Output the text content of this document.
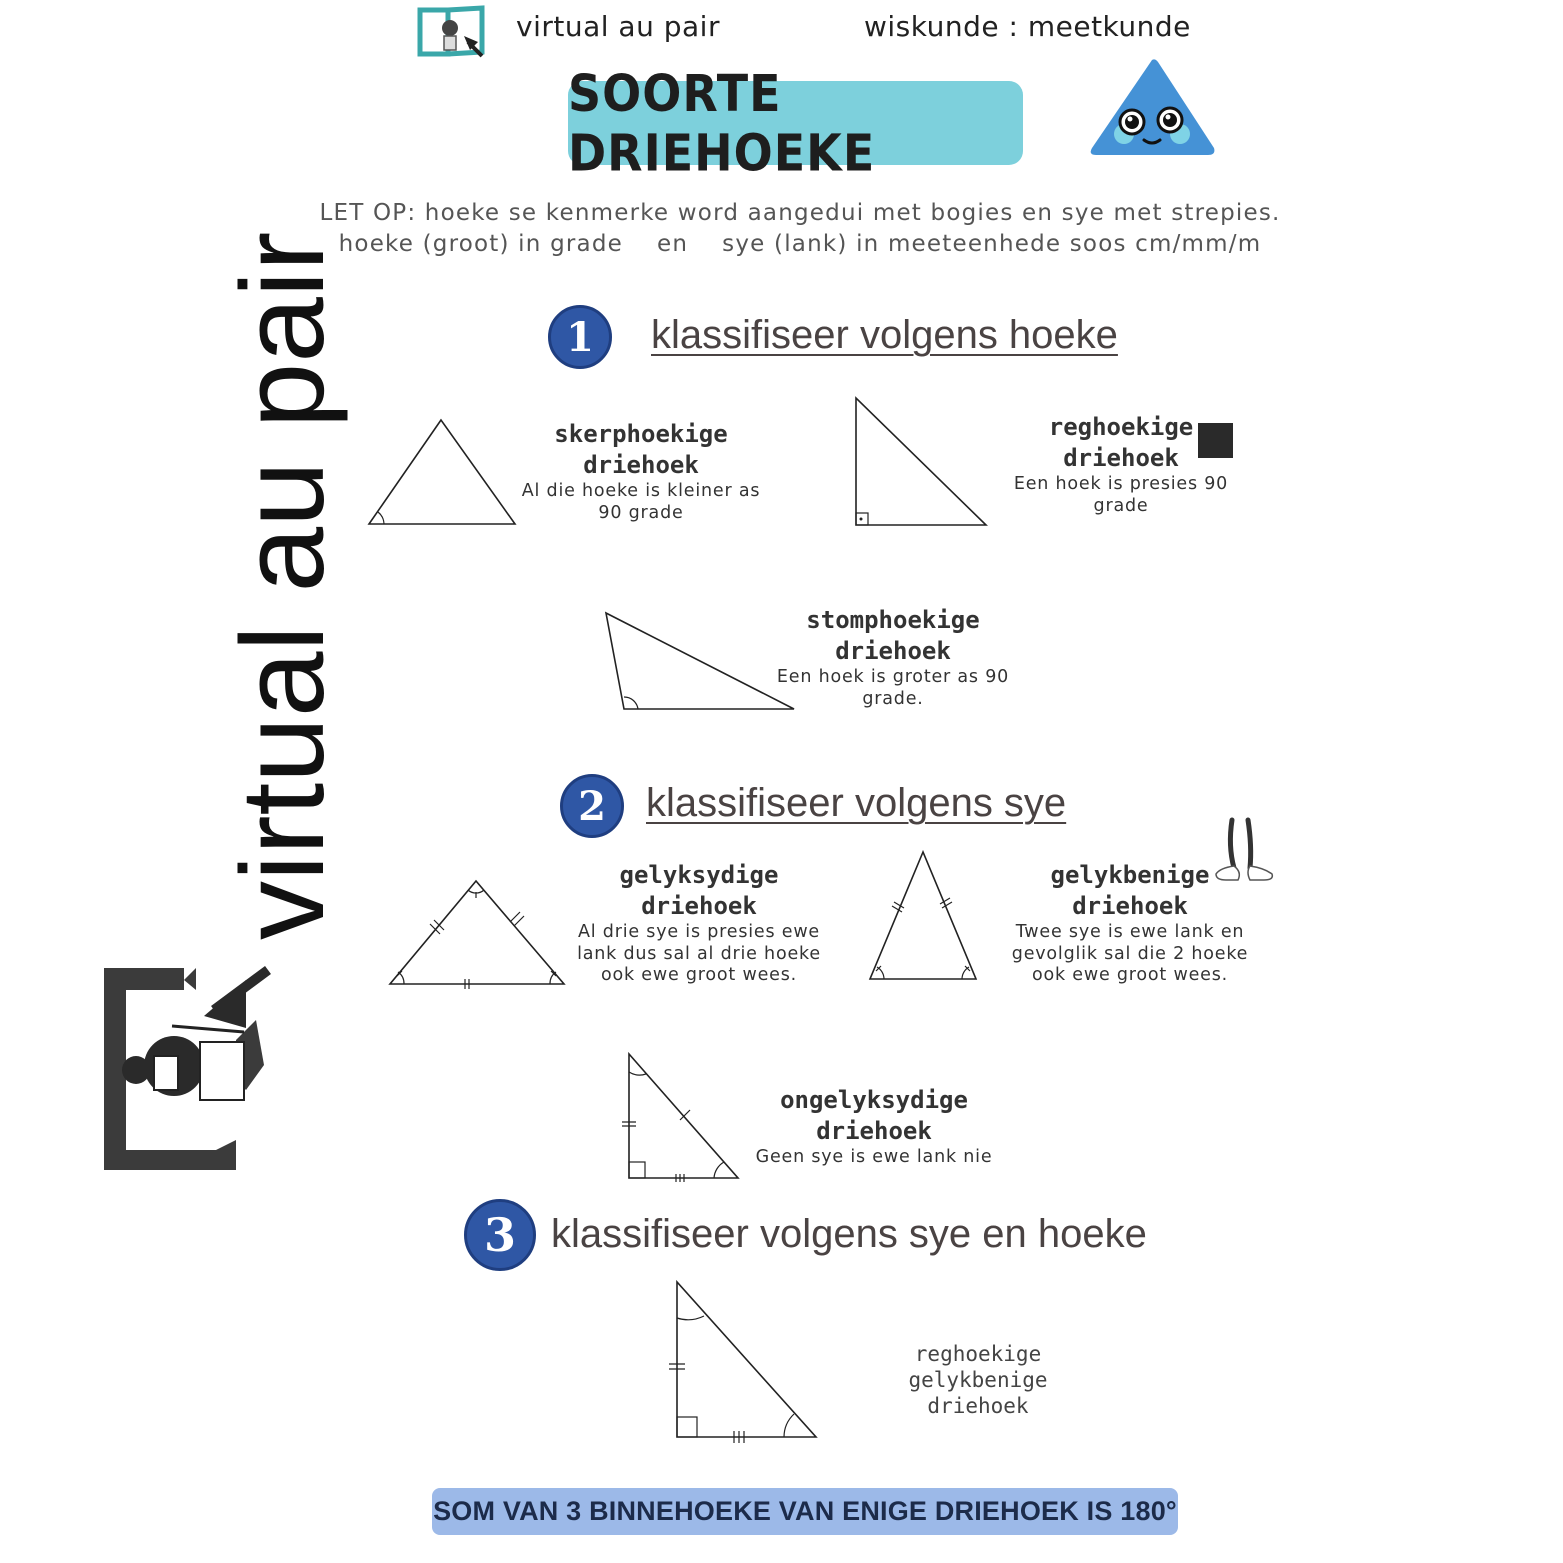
virtual au pair	wiskunde : meetkunde
SOORTE DRIEHOEKE
LET OP: hoeke se kenmerke word aangedui met bogies en sye met strepies.
hoeke (groot) in grade    en    sye (lank) in meeteenhede soos cm/mm/m
virtual au pair	1	klassifiseer volgens hoeke
skerphoekige driehoek
Al die hoeke is kleiner as 90 grade
reghoekige driehoek
Een hoek is presies 90 grade
stomphoekige driehoek
Een hoek is groter as 90 grade.
2	klassifiseer volgens sye
gelyksydige driehoek
Al drie sye is presies ewe lank dus sal al drie hoeke ook ewe groot wees.
gelykbenige driehoek
Twee sye is ewe lank en gevolglik sal die 2 hoeke ook ewe groot wees.
ongelyksydige driehoek
Geen sye is ewe lank nie
3 klassifiseer volgens sye en hoeke
reghoekige
gelykbenige
driehoek
SOM VAN 3 BINNEHOEKE VAN ENIGE DRIEHOEK IS 180°
